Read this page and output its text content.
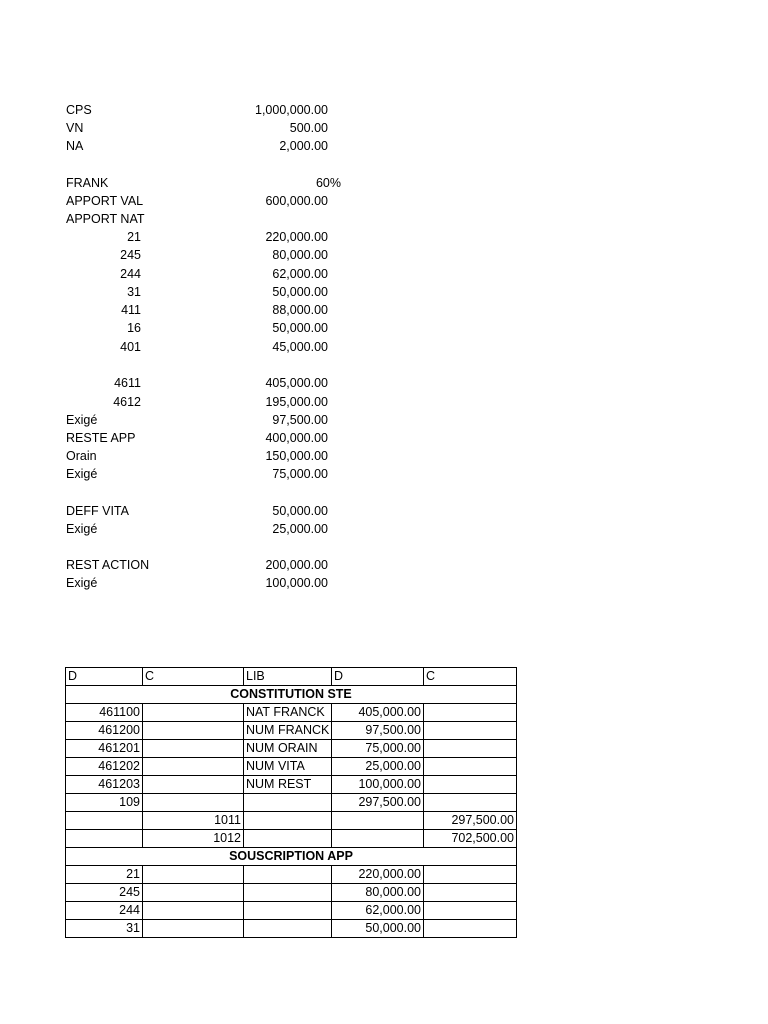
CPS	1,000,000.00
VN	500.00
NA	2,000.00
FRANK	60%
APPORT VAL	600,000.00
APPORT NAT
21	220,000.00
245	80,000.00
244	62,000.00
31	50,000.00
411	88,000.00
16	50,000.00
401	45,000.00
4611	405,000.00
4612	195,000.00
Exigé	97,500.00
RESTE APP	400,000.00
Orain	150,000.00
Exigé	75,000.00
DEFF VITA	50,000.00
Exigé	25,000.00
REST ACTION	200,000.00
Exigé	100,000.00
D	C	LIB	D	C
CONSTITUTION STE				
461100		NAT FRANCK	405,000.00	
461200		NUM FRANCK	97,500.00	
461201		NUM ORAIN	75,000.00	
461202		NUM VITA	25,000.00	
461203		NUM REST	100,000.00	
109			297,500.00	
	1011			297,500.00
	1012			702,500.00
SOUSCRIPTION APP				
21			220,000.00	
245			80,000.00	
244			62,000.00	
31			50,000.00	
